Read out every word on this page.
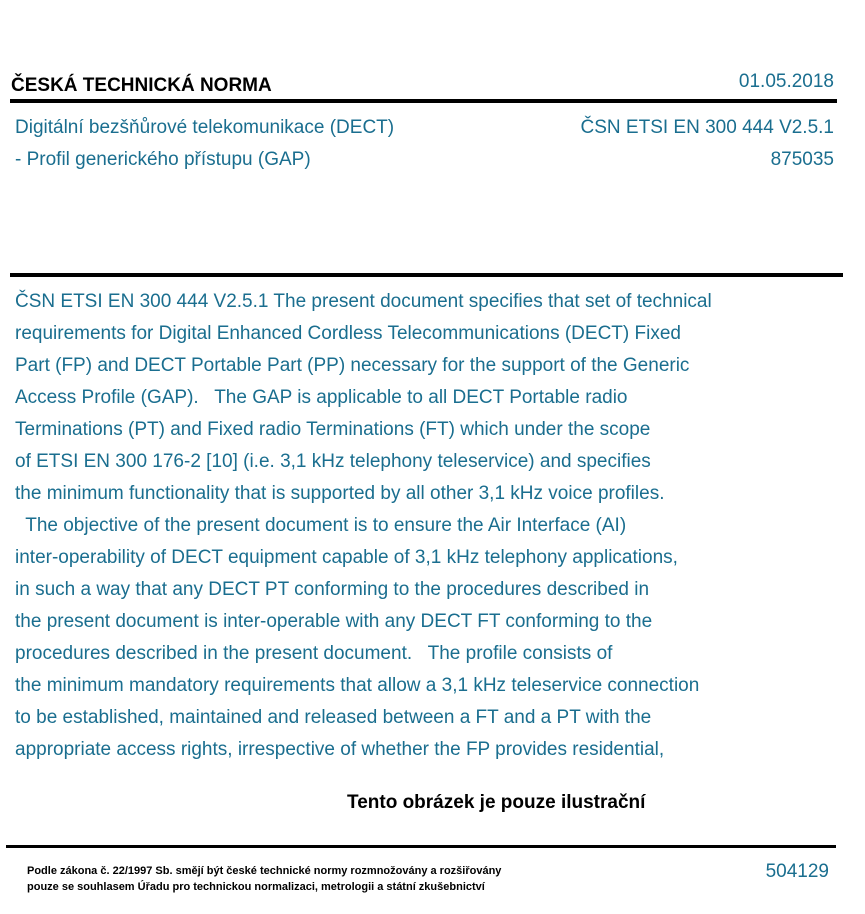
ČESKÁ TECHNICKÁ NORMA	01.05.2018
Digitální bezšňůrové telekomunikace (DECT)
- Profil generického přístupu (GAP)
ČSN ETSI EN 300 444 V2.5.1
875035
ČSN ETSI EN 300 444 V2.5.1 The present document specifies that set of technical
requirements for Digital Enhanced Cordless Telecommunications (DECT) Fixed
Part (FP) and DECT Portable Part (PP) necessary for the support of the Generic
Access Profile (GAP).   The GAP is applicable to all DECT Portable radio
Terminations (PT) and Fixed radio Terminations (FT) which under the scope
of ETSI EN 300 176-2 [10] (i.e. 3,1 kHz telephony teleservice) and specifies
the minimum functionality that is supported by all other 3,1 kHz voice profiles.
The objective of the present document is to ensure the Air Interface (AI)
inter-operability of DECT equipment capable of 3,1 kHz telephony applications,
in such a way that any DECT PT conforming to the procedures described in
the present document is inter-operable with any DECT FT conforming to the
procedures described in the present document.   The profile consists of
the minimum mandatory requirements that allow a 3,1 kHz teleservice connection
to be established, maintained and released between a FT and a PT with the
appropriate access rights, irrespective of whether the FP provides residential,
Tento obrázek je pouze ilustrační
Podle zákona č. 22/1997 Sb. smějí být české technické normy rozmnožovány a rozšiřovány
pouze se souhlasem Úřadu pro technickou normalizaci, metrologii a státní zkušebnictví
504129
